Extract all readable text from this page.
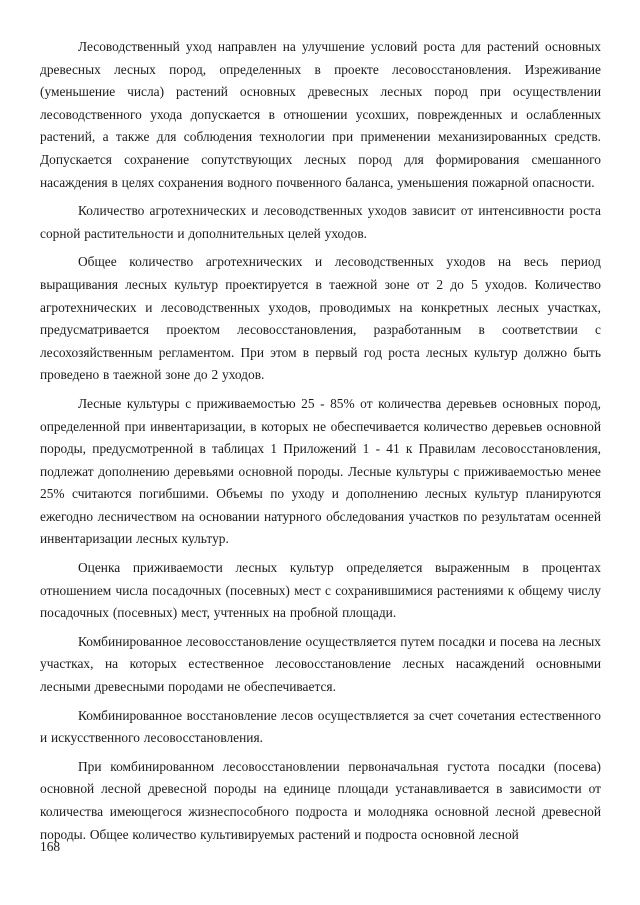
Лесоводственный уход направлен на улучшение условий роста для растений основных древесных лесных пород, определенных в проекте лесовосстановления. Изреживание (уменьшение числа) растений основных древесных лесных пород при осуществлении лесоводственного ухода допускается в отношении усохших, поврежденных и ослабленных растений, а также для соблюдения технологии при применении механизированных средств. Допускается сохранение сопутствующих лесных пород для формирования смешанного насаждения в целях сохранения водного почвенного баланса, уменьшения пожарной опасности.

Количество агротехнических и лесоводственных уходов зависит от интенсивности роста сорной растительности и дополнительных целей уходов.

Общее количество агротехнических и лесоводственных уходов на весь период выращивания лесных культур проектируется в таежной зоне от 2 до 5 уходов. Количество агротехнических и лесоводственных уходов, проводимых на конкретных лесных участках, предусматривается проектом лесовосстановления, разработанным в соответствии с лесохозяйственным регламентом. При этом в первый год роста лесных культур должно быть проведено в таежной зоне до 2 уходов.

Лесные культуры с приживаемостью 25 - 85% от количества деревьев основных пород, определенной при инвентаризации, в которых не обеспечивается количество деревьев основной породы, предусмотренной в таблицах 1 Приложений 1 - 41 к Правилам лесовосстановления, подлежат дополнению деревьями основной породы. Лесные культуры с приживаемостью менее 25% считаются погибшими. Объемы по уходу и дополнению лесных культур планируются ежегодно лесничеством на основании натурного обследования участков по результатам осенней инвентаризации лесных культур.

Оценка приживаемости лесных культур определяется выраженным в процентах отношением числа посадочных (посевных) мест с сохранившимися растениями к общему числу посадочных (посевных) мест, учтенных на пробной площади.

Комбинированное лесовосстановление осуществляется путем посадки и посева на лесных участках, на которых естественное лесовосстановление лесных насаждений основными лесными древесными породами не обеспечивается.

Комбинированное восстановление лесов осуществляется за счет сочетания естественного и искусственного лесовосстановления.

При комбинированном лесовосстановлении первоначальная густота посадки (посева) основной лесной древесной породы на единице площади устанавливается в зависимости от количества имеющегося жизнеспособного подроста и молодняка основной лесной древесной породы. Общее количество культивируемых растений и подроста основной лесной

168
